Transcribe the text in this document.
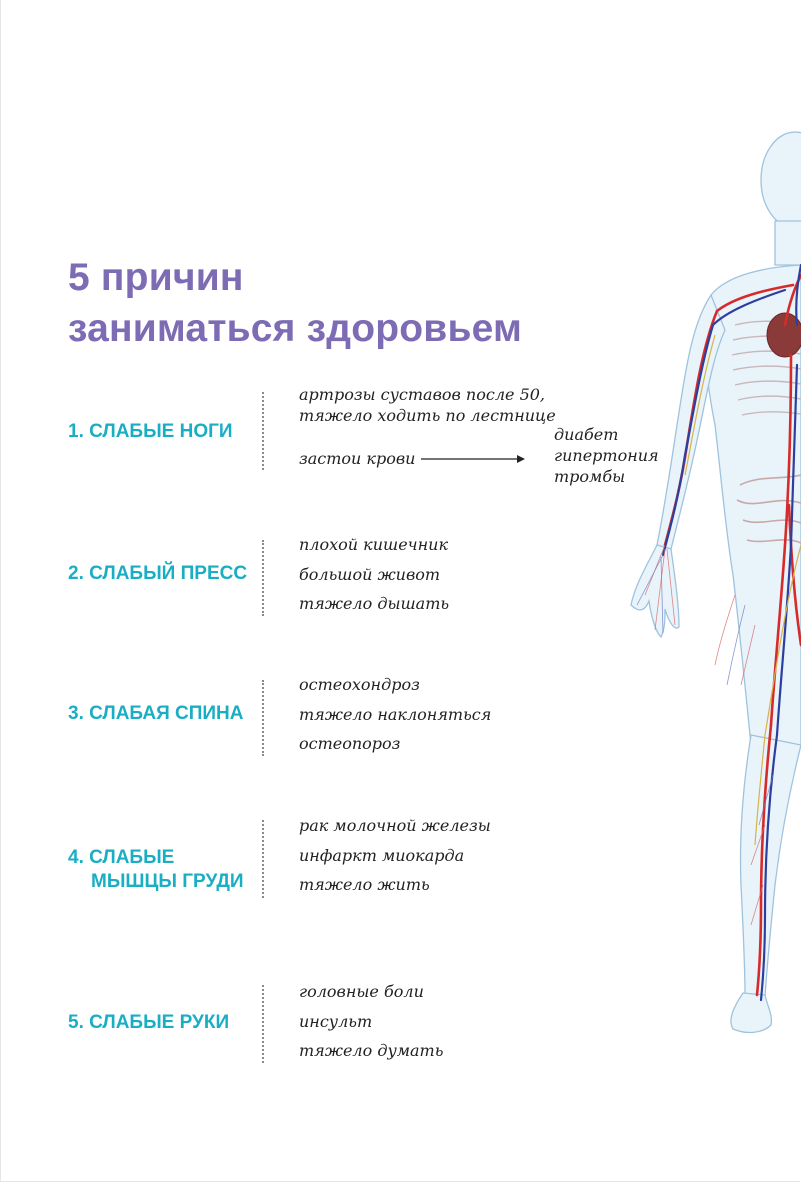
5 причин
заниматься здоровьем
1. СЛАБЫЕ НОГИ
артрозы суставов после 50,
тяжело ходить по лестнице
застои крови
диабет
гипертония
тромбы
2. СЛАБЫЙ ПРЕСС
плохой кишечник
большой живот
тяжело дышать
3. СЛАБАЯ СПИНА
остеохондроз
тяжело наклоняться
остеопороз
4. СЛАБЫЕ
МЫШЦЫ ГРУДИ
рак молочной железы
инфаркт миокарда
тяжело жить
5. СЛАБЫЕ РУКИ
головные боли
инсульт
тяжело думать
